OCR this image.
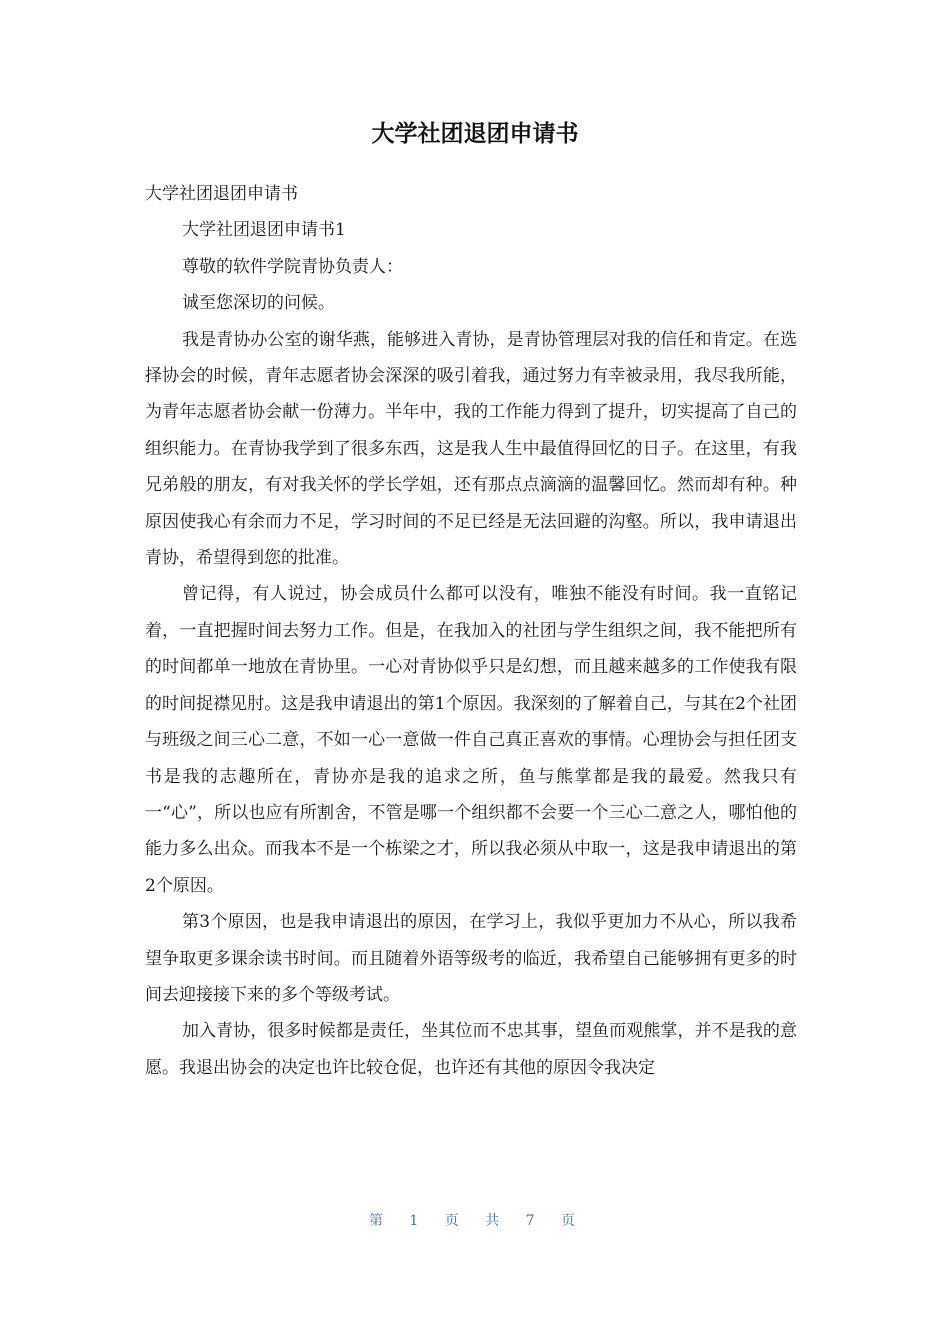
大学社团退团申请书

大学社团退团申请书

大学社团退团申请书1

尊敬的软件学院青协负责人：

诚至您深切的问候。

我是青协办公室的谢华燕，能够进入青协，是青协管理层对我的信任和肯定。在选择协会的时候，青年志愿者协会深深的吸引着我，通过努力有幸被录用，我尽我所能，为青年志愿者协会献一份薄力。半年中，我的工作能力得到了提升，切实提高了自己的组织能力。在青协我学到了很多东西，这是我人生中最值得回忆的日子。在这里，有我兄弟般的朋友，有对我关怀的学长学姐，还有那点点滴滴的温馨回忆。然而却有种。种原因使我心有余而力不足，学习时间的不足已经是无法回避的沟壑。所以，我申请退出青协，希望得到您的批准。

曾记得，有人说过，协会成员什么都可以没有，唯独不能没有时间。我一直铭记着，一直把握时间去努力工作。但是，在我加入的社团与学生组织之间，我不能把所有的时间都单一地放在青协里。一心对青协似乎只是幻想，而且越来越多的工作使我有限的时间捉襟见肘。这是我申请退出的第1个原因。我深刻的了解着自己，与其在2个社团与班级之间三心二意，不如一心一意做一件自己真正喜欢的事情。心理协会与担任团支书是我的志趣所在，青协亦是我的追求之所，鱼与熊掌都是我的最爱。然我只有一“心”，所以也应有所割舍，不管是哪一个组织都不会要一个三心二意之人，哪怕他的能力多么出众。而我本不是一个栋梁之才，所以我必须从中取一，这是我申请退出的第2个原因。

第3个原因，也是我申请退出的原因，在学习上，我似乎更加力不从心，所以我希望争取更多课余读书时间。而且随着外语等级考的临近，我希望自己能够拥有更多的时间去迎接接下来的多个等级考试。

加入青协，很多时候都是责任，坐其位而不忠其事，望鱼而观熊掌，并不是我的意愿。我退出协会的决定也许比较仓促，也许还有其他的原因令我决定

第 1 页 共 7 页
